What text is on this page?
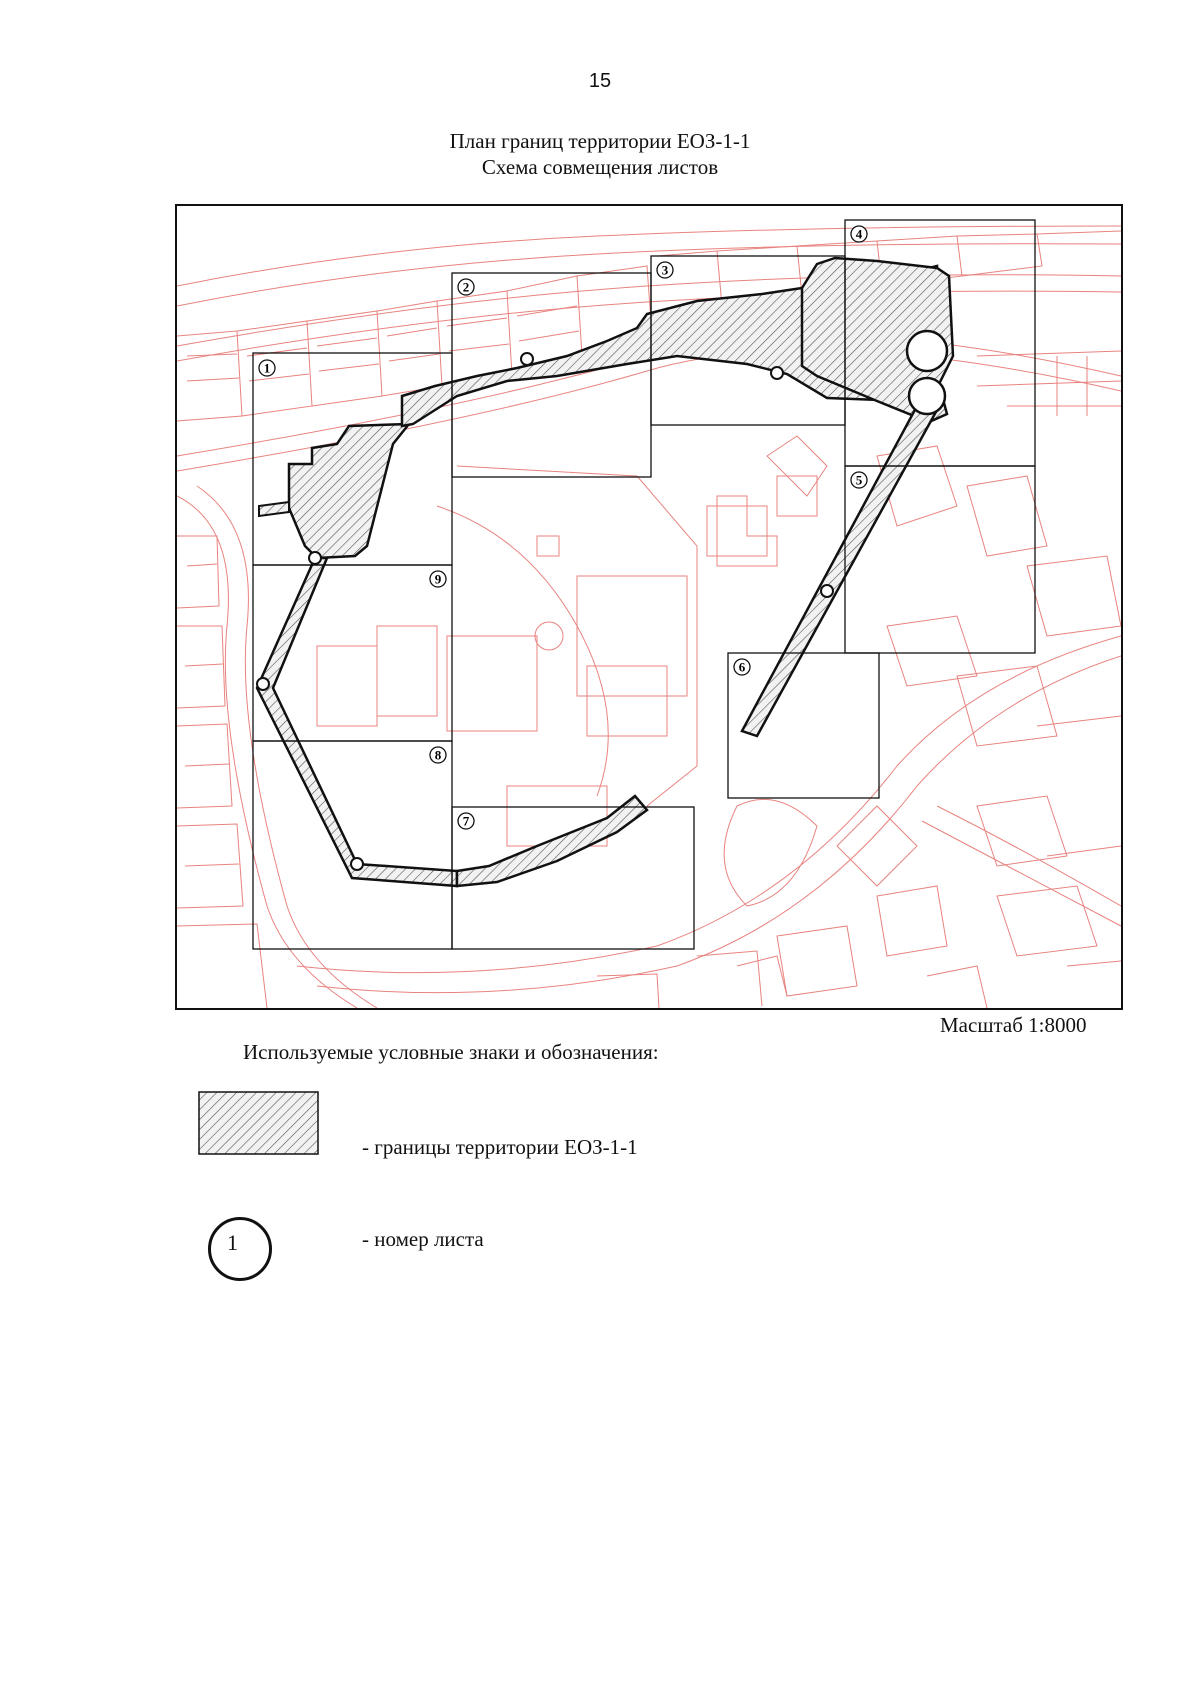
15
План границ территории ЕОЗ-1-1
Схема совмещения листов
1
2
3
4
5
6
7
8
9
Масштаб 1:8000
Используемые условные знаки и обозначения:
- границы территории ЕОЗ-1-1
1	- номер листа
